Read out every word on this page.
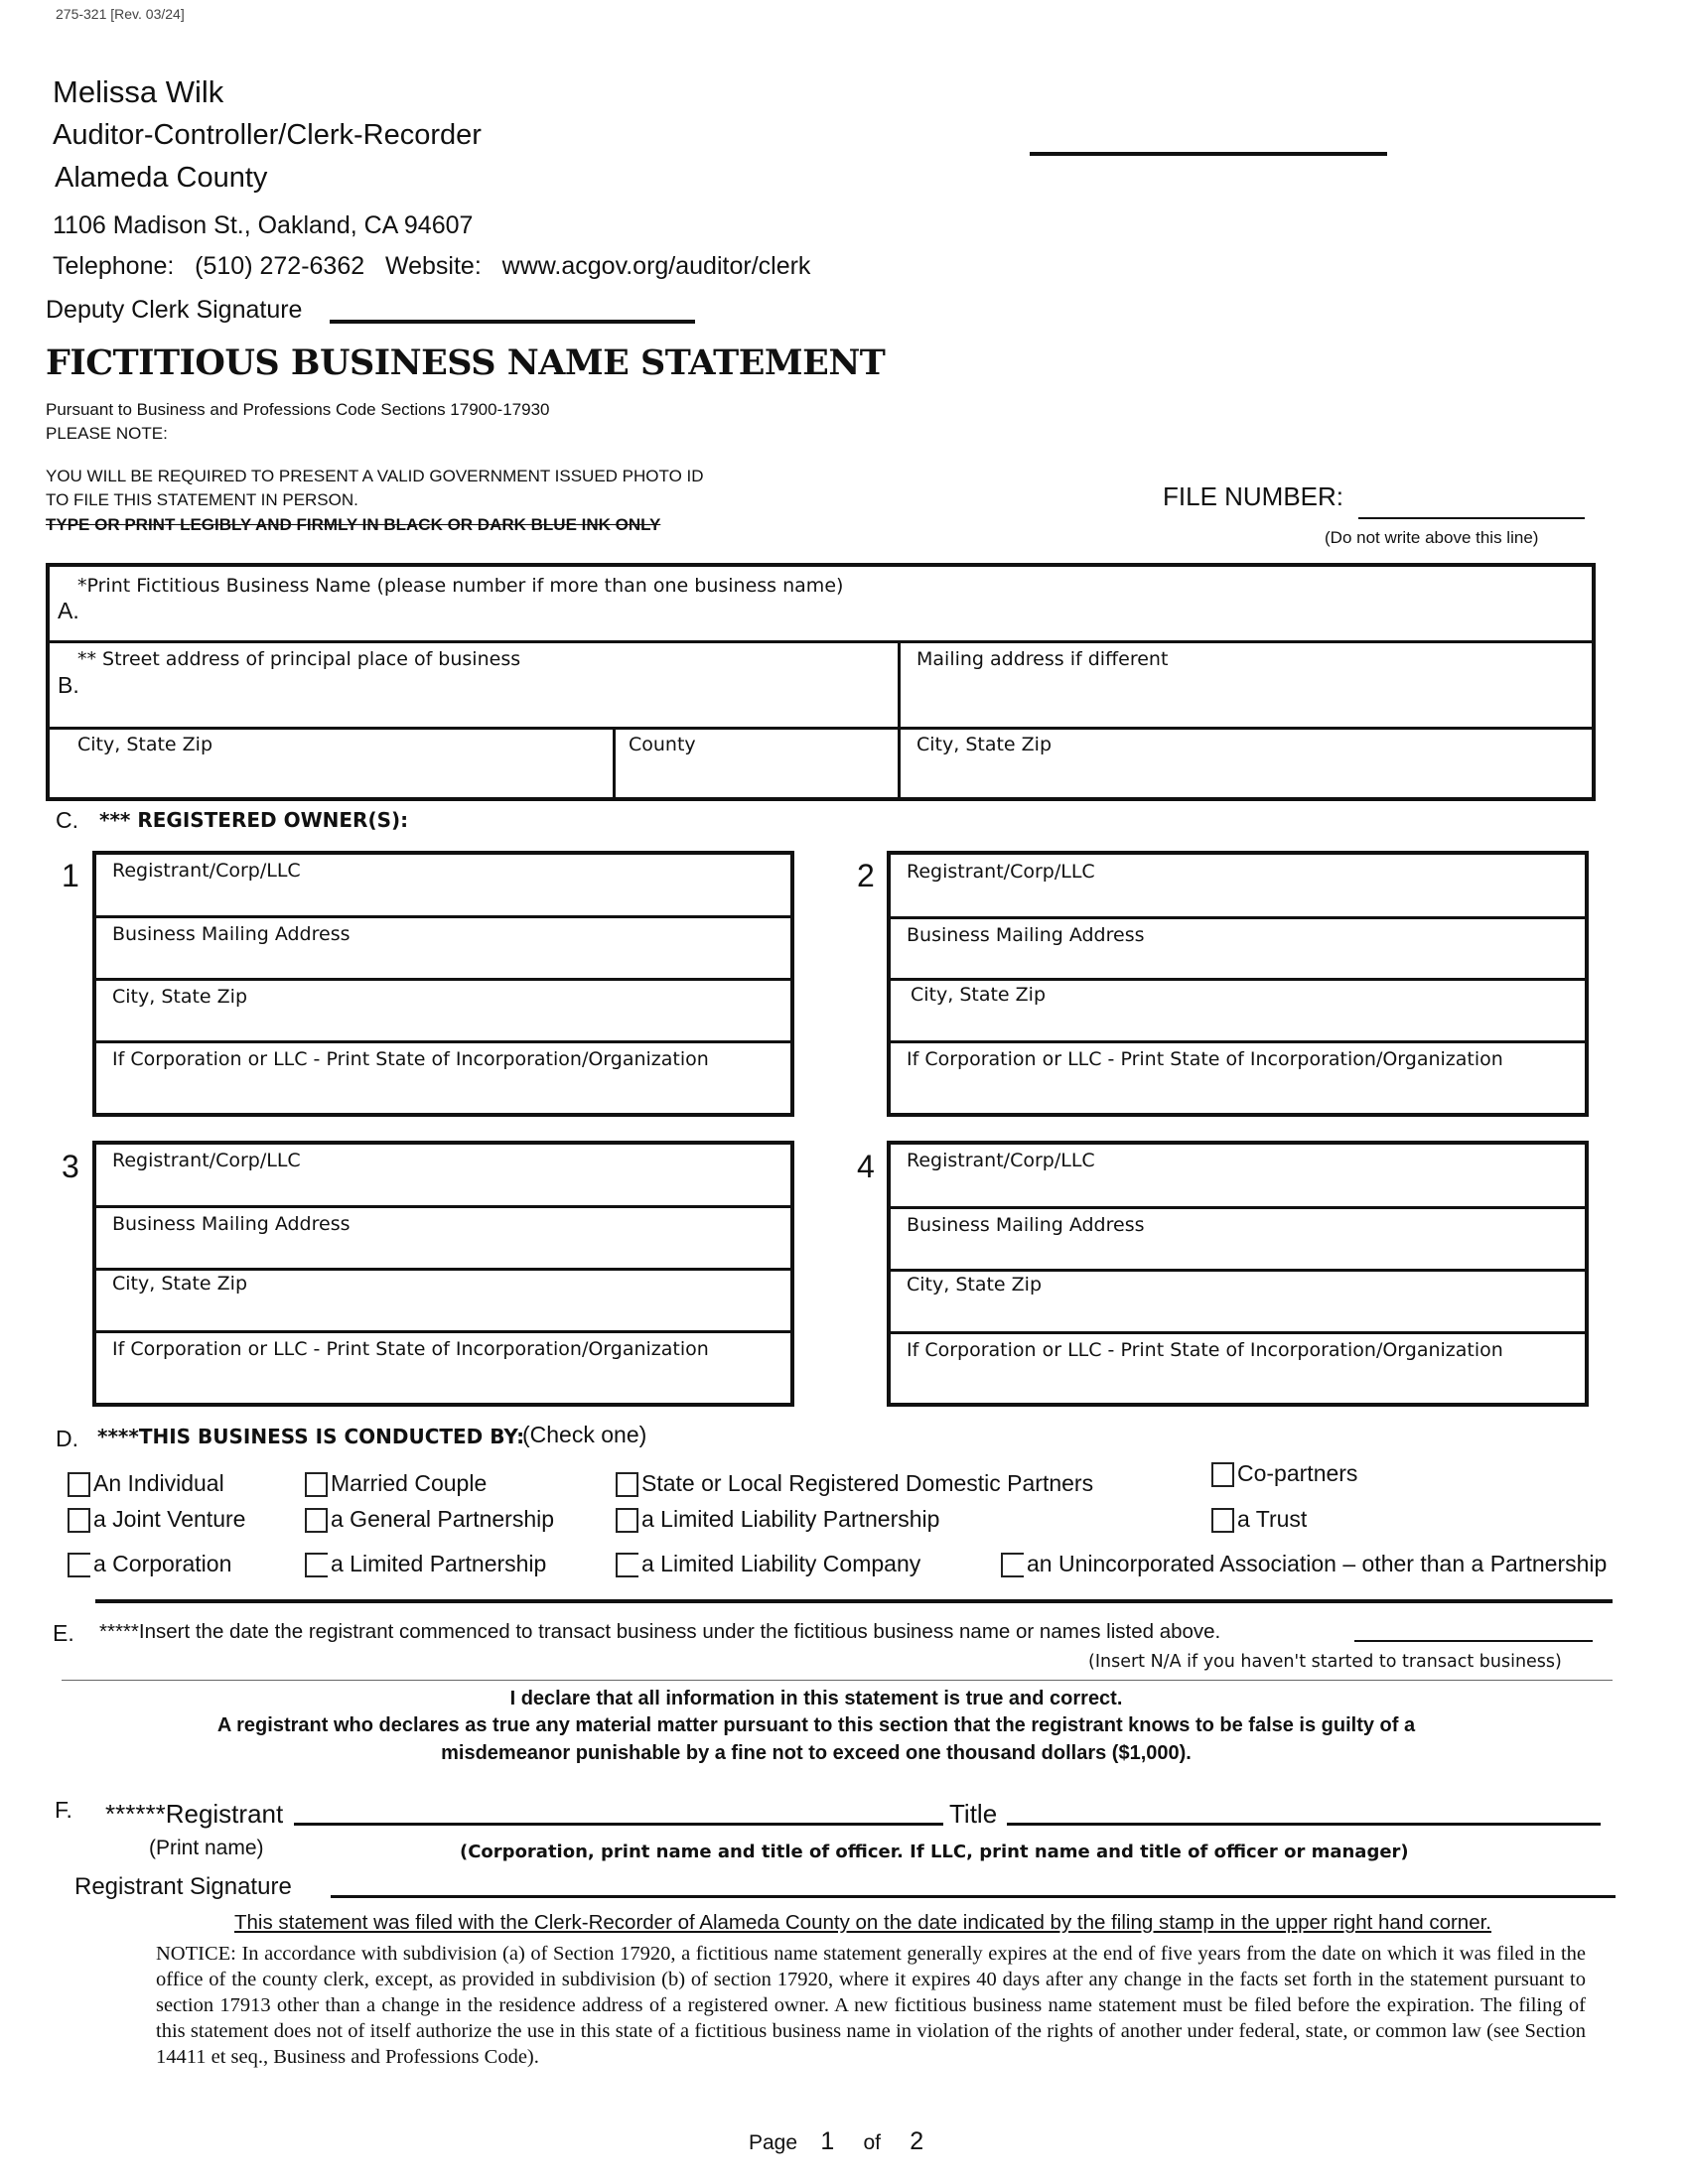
275-321 [Rev. 03/24]
Melissa Wilk
Auditor-Controller/Clerk-Recorder
Alameda County
1106 Madison St., Oakland, CA 94607
Telephone: (510) 272-6362 Website: www.acgov.org/auditor/clerk
Deputy Clerk Signature
FICTITIOUS BUSINESS NAME STATEMENT
Pursuant to Business and Professions Code Sections 17900-17930
PLEASE NOTE:
YOU WILL BE REQUIRED TO PRESENT A VALID GOVERNMENT ISSUED PHOTO ID
TO FILE THIS STATEMENT IN PERSON.
TYPE OR PRINT LEGIBLY AND FIRMLY IN BLACK OR DARK BLUE INK ONLY
FILE NUMBER:
(Do not write above this line)
*Print Fictitious Business Name (please number if more than one business name)
A.
** Street address of principal place of business
B.
Mailing address if different
City, State Zip	County	City, State Zip
C. *** REGISTERED OWNER(S):
1 Registrant/Corp/LLC
Business Mailing Address
City, State Zip
If Corporation or LLC - Print State of Incorporation/Organization
2 Registrant/Corp/LLC
Business Mailing Address
City, State Zip
If Corporation or LLC - Print State of Incorporation/Organization
3 Registrant/Corp/LLC
Business Mailing Address
City, State Zip
If Corporation or LLC - Print State of Incorporation/Organization
4 Registrant/Corp/LLC
Business Mailing Address
City, State Zip
If Corporation or LLC - Print State of Incorporation/Organization
D. ****THIS BUSINESS IS CONDUCTED BY:
(Check one)
An Individual	Married Couple	State or Local Registered Domestic Partners	Co-partners
a Joint Venture	a General Partnership	a Limited Liability Partnership	a Trust
a Corporation	a Limited Partnership	a Limited Liability Company	an Unincorporated Association – other than a Partnership
E. *****Insert the date the registrant commenced to transact business under the fictitious business name or names listed above.
(Insert N/A if you haven't started to transact business)
I declare that all information in this statement is true and correct.
A registrant who declares as true any material matter pursuant to this section that the registrant knows to be false is guilty of a
misdemeanor punishable by a fine not to exceed one thousand dollars ($1,000).
F. ******Registrant	Title
(Print name)	(Corporation, print name and title of officer. If LLC, print name and title of officer or manager)
Registrant Signature
This statement was filed with the Clerk-Recorder of Alameda County on the date indicated by the filing stamp in the upper right hand corner.
NOTICE: In accordance with subdivision (a) of Section 17920, a fictitious name statement generally expires at the end of five years from the date on which it was filed in the office of the county clerk, except, as provided in subdivision (b) of section 17920, where it expires 40 days after any change in the facts set forth in the statement pursuant to section 17913 other than a change in the residence address of a registered owner. A new fictitious business name statement must be filed before the expiration. The filing of this statement does not of itself authorize the use in this state of a fictitious business name in violation of the rights of another under federal, state, or common law (see Section 14411 et seq., Business and Professions Code).
Page 1 of 2
